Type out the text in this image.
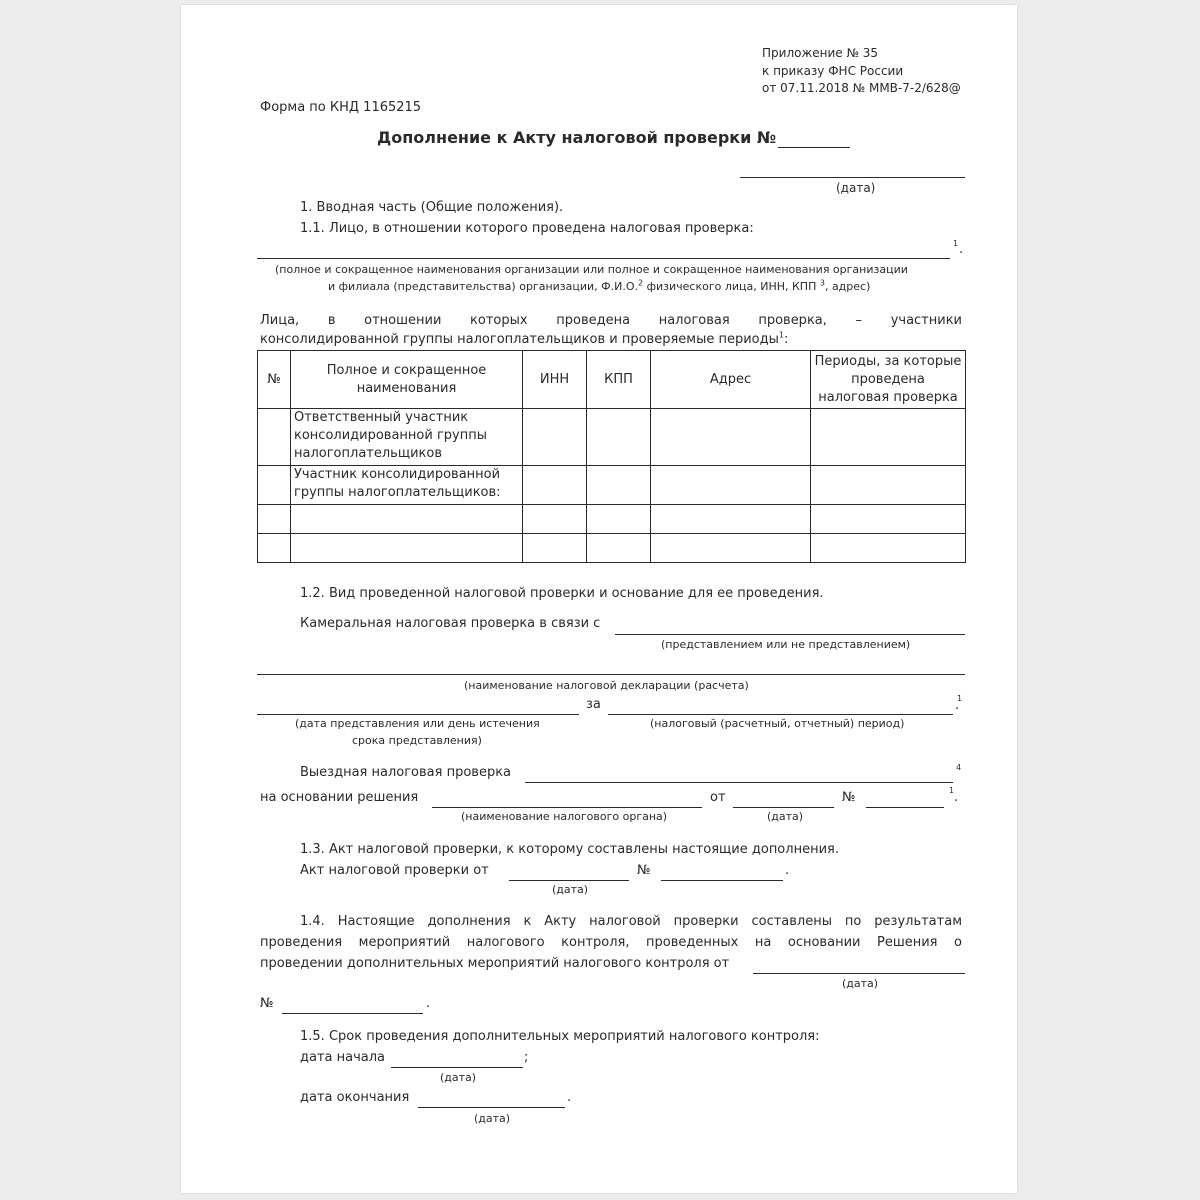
Приложение № 35
к приказу ФНС России
от 07.11.2018 № ММВ-7-2/628@
Форма по КНД 1165215
Дополнение к Акту налоговой проверки №
(дата)
1. Вводная часть (Общие положения).
1.1. Лицо, в отношении которого проведена налоговая проверка:
1 .
(полное и сокращенное наименования организации или полное и сокращенное наименования организации
и филиала (представительства) организации, Ф.И.О.$^2$ физического лица, ИНН, КПП $^3$, адрес)
Лица, в отношении которых проведена налоговая проверка, – участники
консолидированной группы налогоплательщиков и проверяемые периоды$^1$:
№	Полное и сокращенное наименования	ИНН	КПП	Адрес	Периоды, за которые проведена налоговая проверка
	Ответственный участник консолидированной группы налогоплательщиков				
	Участник консолидированной группы налогоплательщиков:				

1.2. Вид проведенной налоговой проверки и основание для ее проведения.
Камеральная налоговая проверка в связи с
(представлением или не представлением)
(наименование налоговой декларации (расчета)
за	1
.
(дата представления или день истечения
срока представления)
(налоговый (расчетный, отчетный) период)
Выездная налоговая проверка	4
на основании решения	от	№	1 .
(наименование налогового органа)	(дата)
1.3. Акт налоговой проверки, к которому составлены настоящие дополнения.
Акт налоговой проверки от	№	.
(дата)
1.4. Настоящие дополнения к Акту налоговой проверки составлены по результатам
проведения мероприятий налогового контроля, проведенных на основании Решения о
проведении дополнительных мероприятий налогового контроля от
(дата)
№	.
1.5. Срок проведения дополнительных мероприятий налогового контроля:
дата начала	;
(дата)
дата окончания	.
(дата)
